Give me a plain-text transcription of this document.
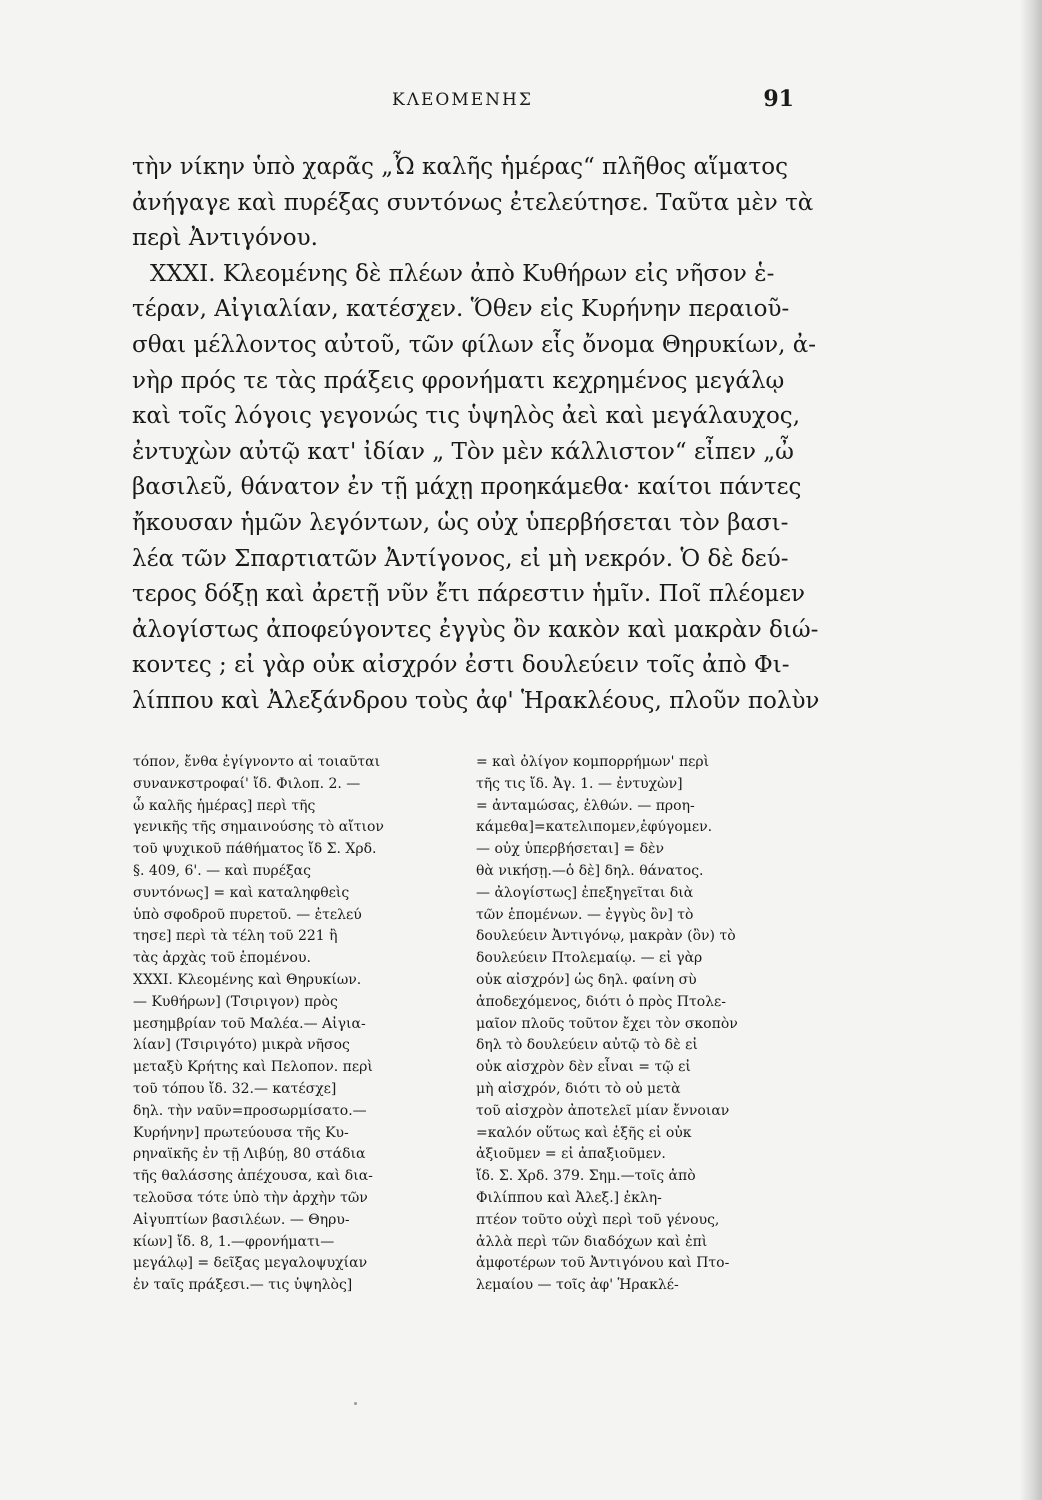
ΚΛΕΟΜΕΝΗΣ	91

τὴν νίκην ὑπὸ χαρᾶς „Ὦ καλῆς ἡμέρας“ πλῆθος αἵματος

ἀνήγαγε καὶ πυρέξας συντόνως ἐτελεύτησε. Ταῦτα μὲν τὰ

περὶ Ἀντιγόνου.

XXXI. Κλεομένης δὲ πλέων ἀπὸ Κυθήρων εἰς νῆσον ἑ-

τέραν, Αἰγιαλίαν, κατέσχεν. Ὅθεν εἰς Κυρήνην περαιοῦ-

σθαι μέλλοντος αὐτοῦ, τῶν φίλων εἷς ὄνομα Θηρυκίων, ἀ-

νὴρ πρός τε τὰς πράξεις φρονήματι κεχρημένος μεγάλῳ

καὶ τοῖς λόγοις γεγονώς τις ὑψηλὸς ἀεὶ καὶ μεγάλαυχος,

ἐντυχὼν αὐτῷ κατ' ἰδίαν „ Τὸν μὲν κάλλιστον“ εἶπεν „ὦ

βασιλεῦ, θάνατον ἐν τῇ μάχῃ προηκάμεθα· καίτοι πάντες

ἤκουσαν ἡμῶν λεγόντων, ὡς οὐχ ὑπερβήσεται τὸν βασι-

λέα τῶν Σπαρτιατῶν Ἀντίγονος, εἰ μὴ νεκρόν. Ὁ δὲ δεύ-

τερος δόξῃ καὶ ἀρετῇ νῦν ἔτι πάρεστιν ἡμῖν. Ποῖ πλέομεν

ἀλογίστως ἀποφεύγοντες ἐγγὺς ὂν κακὸν καὶ μακρὰν διώ-

κοντες ; εἰ γὰρ οὐκ αἰσχρόν ἐστι δουλεύειν τοῖς ἀπὸ Φι-

λίππου καὶ Ἀλεξάνδρου τοὺς ἀφ' Ἡρακλέους, πλοῦν πολὺν

τόπον, ἔνθα ἐγίγνοντο αἱ τοιαῦται

συνανκστροφαί' ἴδ. Φιλοπ. 2. —

ὦ καλῆς ἡμέρας] περὶ τῆς

γενικῆς τῆς σημαινούσης τὸ αἴτιον

τοῦ ψυχικοῦ πάθήματος ἴδ Σ. Χρδ.

§. 409, 6'. — καὶ πυρέξας

συντόνως] = καὶ καταληφθεὶς

ὑπὸ σφοδροῦ πυρετοῦ. — ἐτελεύ

τησε] περὶ τὰ τέλη τοῦ 221 ἢ

τὰς ἀρχὰς τοῦ ἑπομένου.

XXXI. Κλεομένης καὶ Θηρυκίων.

— Κυθήρων] (Τσιριγον) πρὸς

μεσημβρίαν τοῦ Μαλέα.— Αἰγια-

λίαν] (Τσιριγότο) μικρὰ νῆσος

μεταξὺ Κρήτης καὶ Πελοπον. περὶ

τοῦ τόπου ἴδ. 32.— κατέσχε]

δηλ. τὴν ναῦν=προσωρμίσατο.—

Κυρήνην] πρωτεύουσα τῆς Κυ-

ρηναϊκῆς ἐν τῇ Λιβύῃ, 80 στάδια

τῆς θαλάσσης ἀπέχουσα, καὶ δια-

τελοῦσα τότε ὑπὸ τὴν ἀρχὴν τῶν

Αἰγυπτίων βασιλέων. — Θηρυ-

κίων] ἴδ. 8, 1.—φρονήματι—

μεγάλῳ] = δεῖξας μεγαλοψυχίαν

ἐν ταῖς πράξεσι.— τις ὑψηλὸς]

= καὶ ὀλίγον κομπορρήμων' περὶ

τῆς τις ἴδ. Ἀγ. 1. — ἐντυχὼν]

= ἀνταμώσας, ἐλθών. — προη-

κάμεθα]=κατελιπομεν,ἐφύγομεν.

— οὐχ ὑπερβήσεται] = δὲν

θὰ νικήσῃ.—ὁ δὲ] δηλ. θάνατος.

— ἀλογίστως] ἐπεξηγεῖται διὰ

τῶν ἑπομένων. — ἐγγὺς ὂν] τὸ

δουλεύειν Ἀντιγόνῳ, μακρὰν (ὂν) τὸ

δουλεύειν Πτολεμαίῳ. — εἰ γὰρ

οὐκ αἰσχρόν] ὡς δηλ. φαίνη σὺ

ἀποδεχόμενος, διότι ὁ πρὸς Πτολε-

μαῖον πλοῦς τοῦτον ἔχει τὸν σκοπὸν

δηλ τὸ δουλεύειν αὐτῷ τὸ δὲ εἰ

οὐκ αἰσχρὸν δὲν εἶναι = τῷ εἰ

μὴ αἰσχρόν, διότι τὸ οὐ μετὰ

τοῦ αἰσχρὸν ἀποτελεῖ μίαν ἔννοιαν

=καλόν οὕτως καὶ ἑξῆς εἰ οὐκ

ἀξιοῦμεν = εἰ ἀπαξιοῦμεν.

ἴδ. Σ. Χρδ. 379. Σημ.—τοῖς ἀπὸ

Φιλίππου καὶ Ἀλεξ.] ἐκλη-

πτέον τοῦτο οὐχὶ περὶ τοῦ γένους,

ἀλλὰ περὶ τῶν διαδόχων καὶ ἐπὶ

ἀμφοτέρων τοῦ Ἀντιγόνου καὶ Πτο-

λεμαίου — τοῖς ἀφ' Ἡρακλέ-
